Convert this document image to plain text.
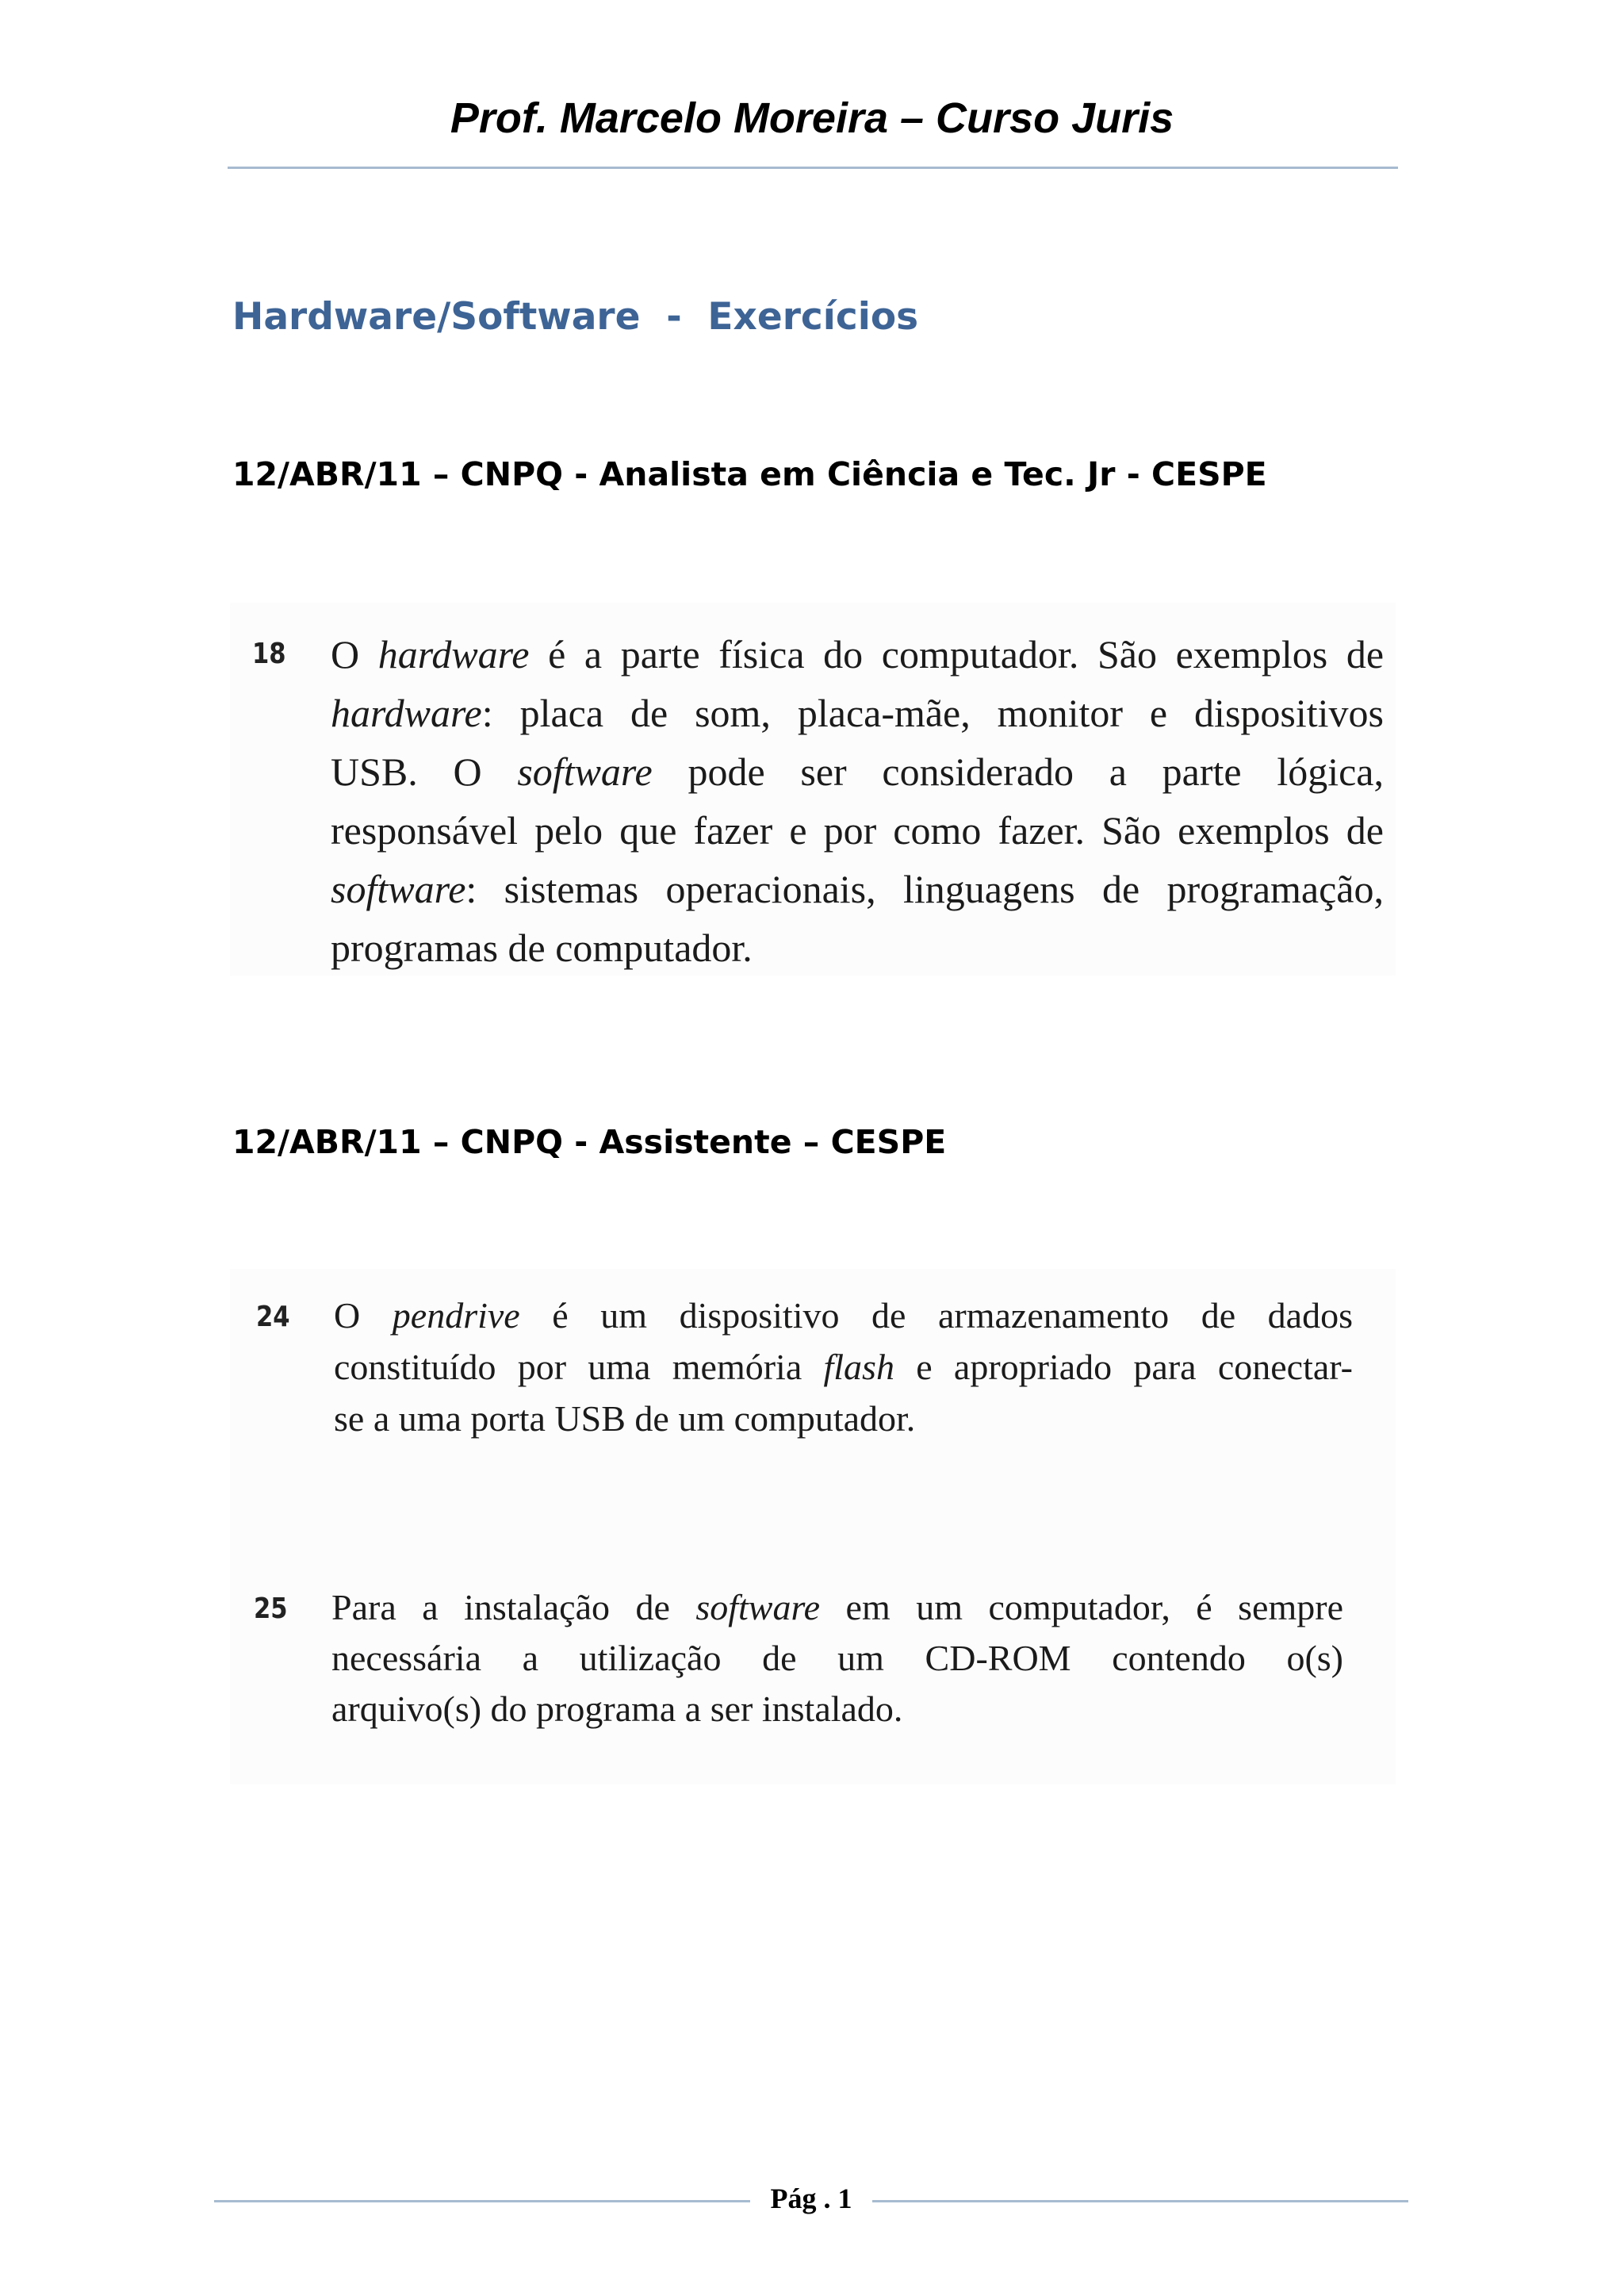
Prof. Marcelo Moreira – Curso Juris
Hardware/Software  -  Exercícios
12/ABR/11 – CNPQ - Analista em Ciência e Tec. Jr - CESPE
18 O hardware é a parte física do computador. São exemplos de
hardware: placa de som, placa-mãe, monitor e dispositivos
USB. O software pode ser considerado a parte lógica,
responsável pelo que fazer e por como fazer. São exemplos de
software: sistemas operacionais, linguagens de programação,
programas de computador.
12/ABR/11 – CNPQ - Assistente – CESPE
24 O pendrive é um dispositivo de armazenamento de dados
constituído por uma memória flash e apropriado para conectar-
se a uma porta USB de um computador.
25 Para a instalação de software em um computador, é sempre
necessária a utilização de um CD-ROM contendo o(s)
arquivo(s) do programa a ser instalado.
Pág . 1
